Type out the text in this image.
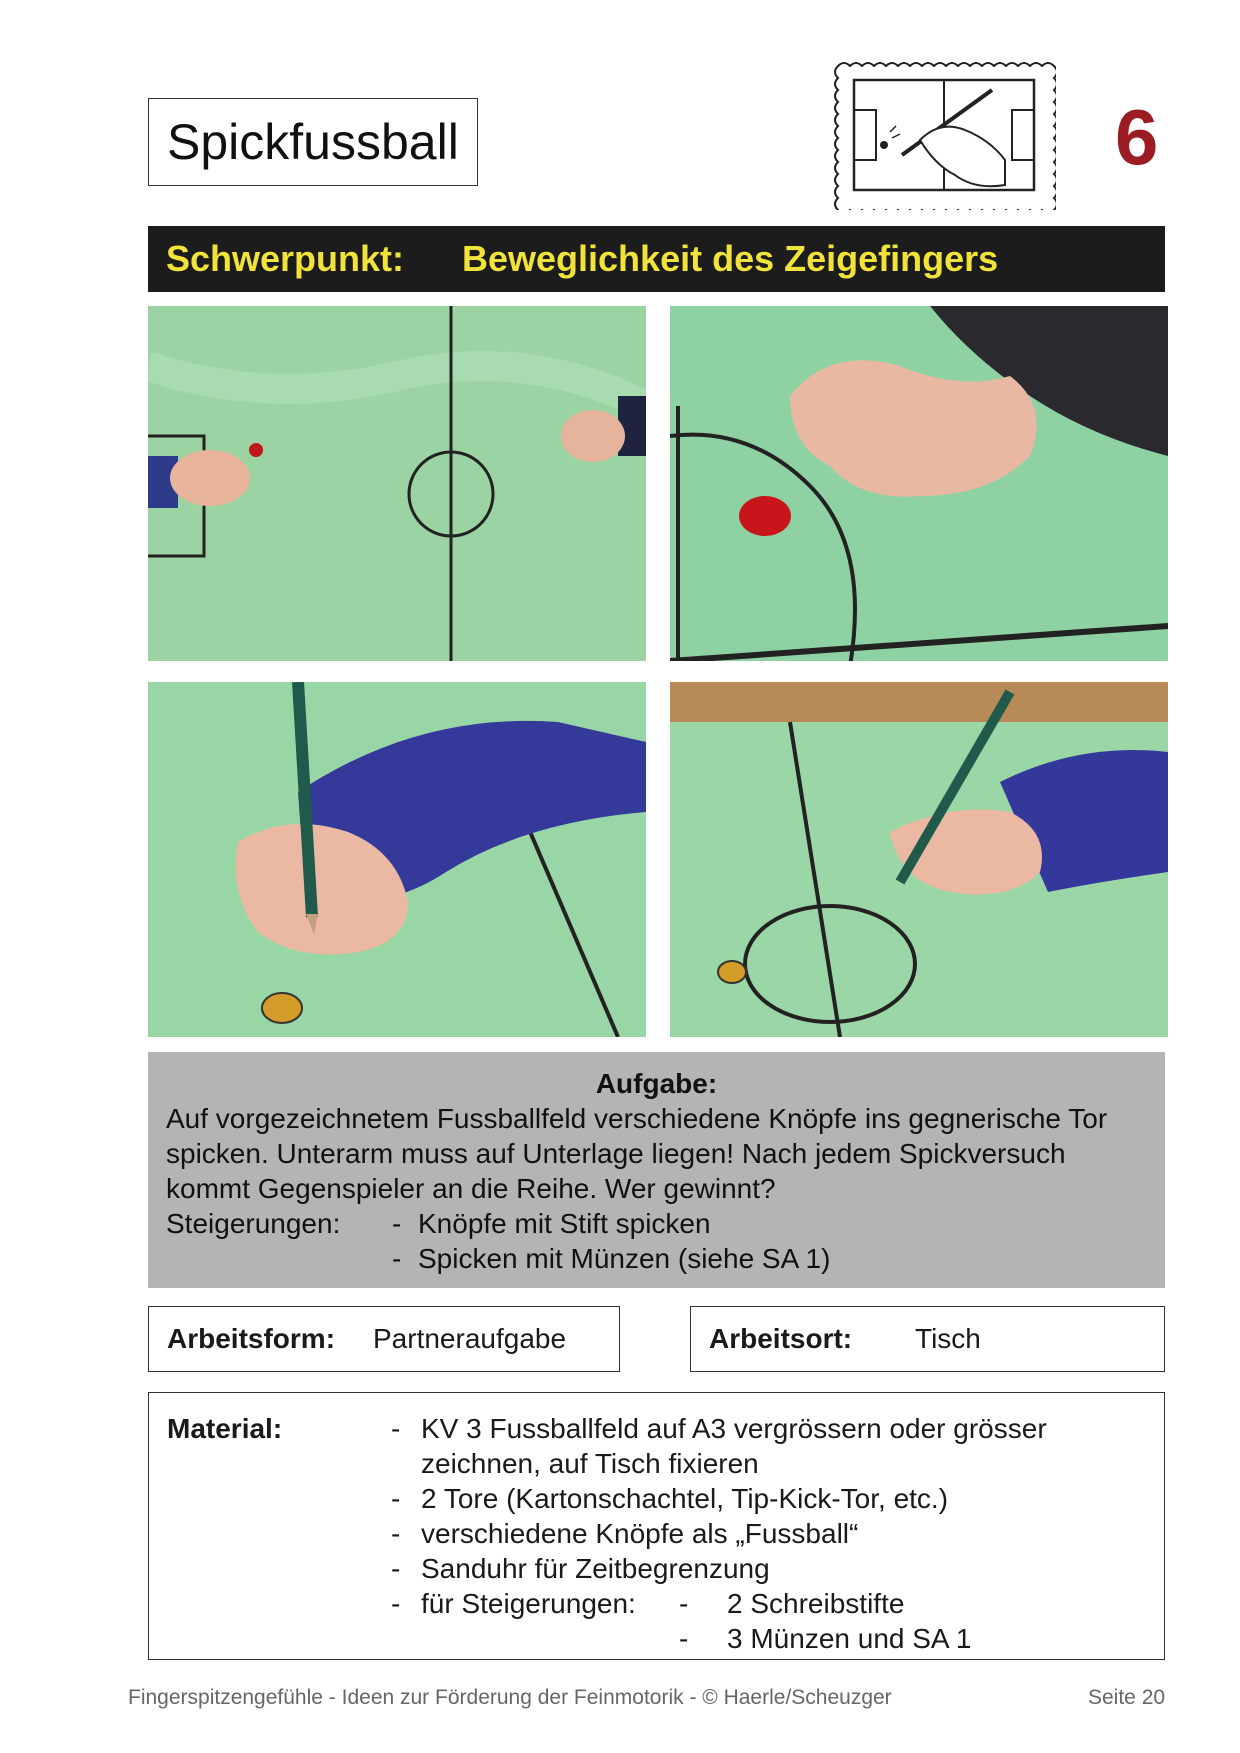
Spickfussball	6
Schwerpunkt:	Beweglichkeit des Zeigefingers
Aufgabe:
Auf vorgezeichnetem Fussballfeld verschiedene Knöpfe ins gegnerische Tor
spicken. Unterarm muss auf Unterlage liegen! Nach jedem Spickversuch
kommt Gegenspieler an die Reihe. Wer gewinnt?
Steigerungen:	- Knöpfe mit Stift spicken
- Spicken mit Münzen (siehe SA 1)
Arbeitsform:	Partneraufgabe	Arbeitsort:	Tisch
Material:	- KV 3 Fussballfeld auf A3 vergrössern oder grösser
zeichnen, auf Tisch fixieren
- 2 Tore (Kartonschachtel, Tip-Kick-Tor, etc.)
- verschiedene Knöpfe als „Fussball“
- Sanduhr für Zeitbegrenzung
- für Steigerungen:	-	2 Schreibstifte
-	3 Münzen und SA 1
Fingerspitzengefühle - Ideen zur Förderung der Feinmotorik - © Haerle/Scheuzger	Seite 20
